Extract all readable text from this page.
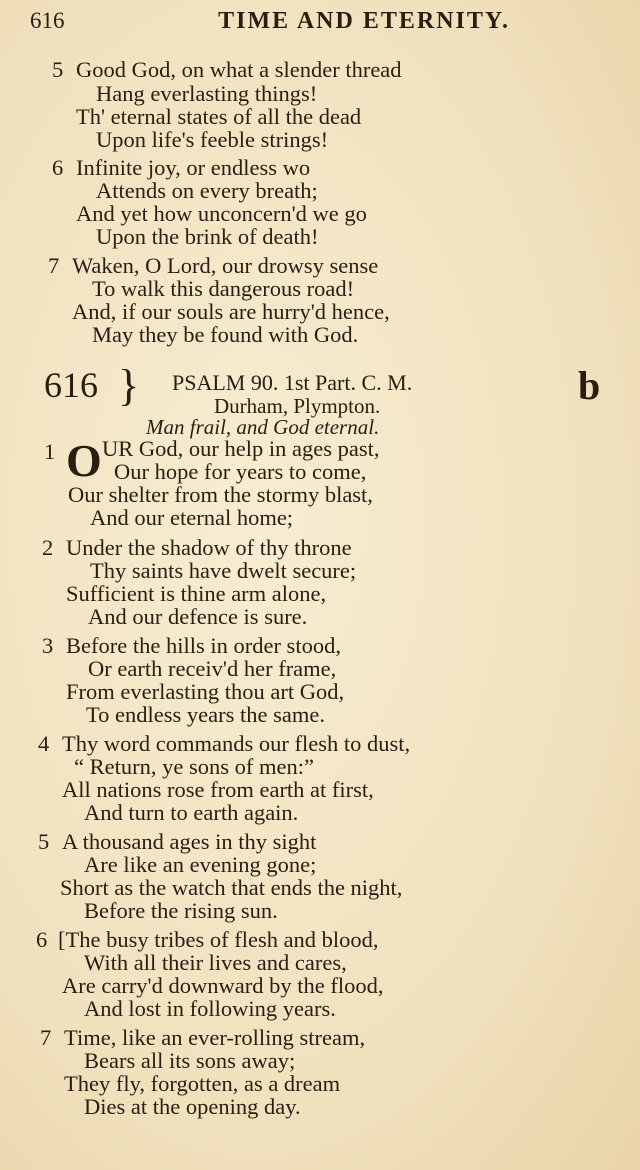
616	TIME AND ETERNITY.
5 Good God, on what a slender thread
Hang everlasting things!
Th' eternal states of all the dead
Upon life's feeble strings!
6 Infinite joy, or endless wo
Attends on every breath;
And yet how unconcern'd we go
Upon the brink of death!
7 Waken, O Lord, our drowsy sense
To walk this dangerous road!
And, if our souls are hurry'd hence,
May they be found with God.
616 } PSALM 90. 1st Part. C. M.
Durham, Plympton.
Man frail, and God eternal.
b
1 O UR God, our help in ages past,
Our hope for years to come,
Our shelter from the stormy blast,
And our eternal home;
2 Under the shadow of thy throne
Thy saints have dwelt secure;
Sufficient is thine arm alone,
And our defence is sure.
3 Before the hills in order stood,
Or earth receiv'd her frame,
From everlasting thou art God,
To endless years the same.
4 Thy word commands our flesh to dust,
“ Return, ye sons of men:”
All nations rose from earth at first,
And turn to earth again.
5 A thousand ages in thy sight
Are like an evening gone;
Short as the watch that ends the night,
Before the rising sun.
6 [The busy tribes of flesh and blood,
With all their lives and cares,
Are carry'd downward by the flood,
And lost in following years.
7 Time, like an ever-rolling stream,
Bears all its sons away;
They fly, forgotten, as a dream
Dies at the opening day.
